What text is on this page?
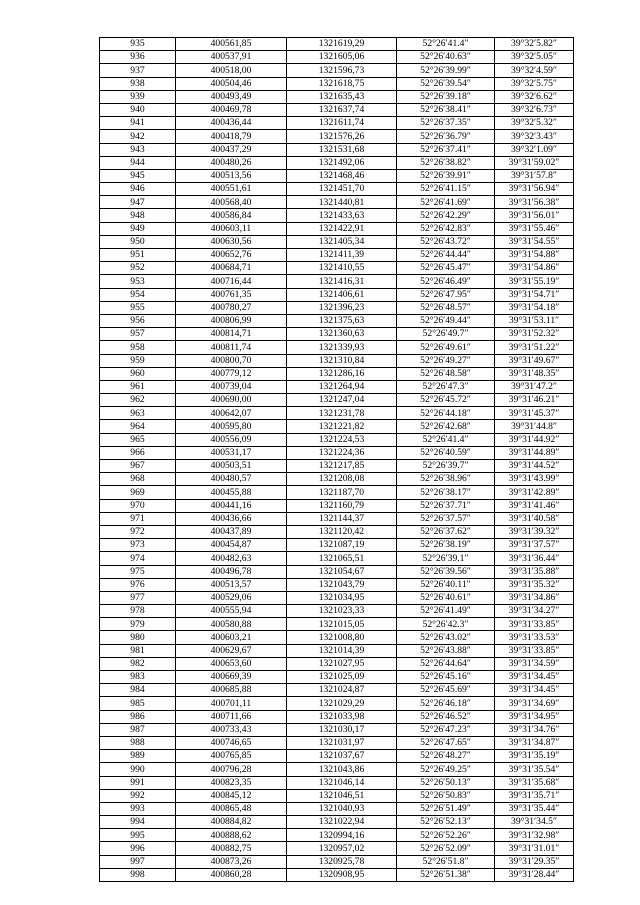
935	400561,85	1321619,29	52°26′41.4″	39°32′5.82″
936	400537,91	1321605,06	52°26′40.63″	39°32′5.05″
937	400518,00	1321596,73	52°26′39.99″	39°32′4.59″
938	400504,46	1321618,75	52°26′39.54″	39°32′5.75″
939	400493,49	1321635,43	52°26′39.18″	39°32′6.62″
940	400469,78	1321637,74	52°26′38.41″	39°32′6.73″
941	400436,44	1321611,74	52°26′37.35″	39°32′5.32″
942	400418,79	1321576,26	52°26′36.79″	39°32′3.43″
943	400437,29	1321531,68	52°26′37.41″	39°32′1.09″
944	400480,26	1321492,06	52°26′38.82″	39°31′59.02″
945	400513,56	1321468,46	52°26′39.91″	39°31′57.8″
946	400551,61	1321451,70	52°26′41.15″	39°31′56.94″
947	400568,40	1321440,81	52°26′41.69″	39°31′56.38″
948	400586,84	1321433,63	52°26′42.29″	39°31′56.01″
949	400603,11	1321422,91	52°26′42.83″	39°31′55.46″
950	400630,56	1321405,34	52°26′43.72″	39°31′54.55″
951	400652,76	1321411,39	52°26′44.44″	39°31′54.88″
952	400684,71	1321410,55	52°26′45.47″	39°31′54.86″
953	400716,44	1321416,31	52°26′46.49″	39°31′55.19″
954	400761,35	1321406,61	52°26′47.95″	39°31′54.71″
955	400780,27	1321396,23	52°26′48.57″	39°31′54.18″
956	400806,99	1321375,63	52°26′49.44″	39°31′53.11″
957	400814,71	1321360,63	52°26′49.7″	39°31′52.32″
958	400811,74	1321339,93	52°26′49.61″	39°31′51.22″
959	400800,70	1321310,84	52°26′49.27″	39°31′49.67″
960	400779,12	1321286,16	52°26′48.58″	39°31′48.35″
961	400739,04	1321264,94	52°26′47.3″	39°31′47.2″
962	400690,00	1321247,04	52°26′45.72″	39°31′46.21″
963	400642,07	1321231,78	52°26′44.18″	39°31′45.37″
964	400595,80	1321221,82	52°26′42.68″	39°31′44.8″
965	400556,09	1321224,53	52°26′41.4″	39°31′44.92″
966	400531,17	1321224,36	52°26′40.59″	39°31′44.89″
967	400503,51	1321217,85	52°26′39.7″	39°31′44.52″
968	400480,57	1321208,08	52°26′38.96″	39°31′43.99″
969	400455,88	1321187,70	52°26′38.17″	39°31′42.89″
970	400441,16	1321160,79	52°26′37.71″	39°31′41.46″
971	400436,66	1321144,37	52°26′37.57″	39°31′40.58″
972	400437,89	1321120,42	52°26′37.62″	39°31′39.32″
973	400454,87	1321087,19	52°26′38.19″	39°31′37.57″
974	400482,63	1321065,51	52°26′39.1″	39°31′36.44″
975	400496,78	1321054,67	52°26′39.56″	39°31′35.88″
976	400513,57	1321043,79	52°26′40.11″	39°31′35.32″
977	400529,06	1321034,95	52°26′40.61″	39°31′34.86″
978	400555,94	1321023,33	52°26′41.49″	39°31′34.27″
979	400580,88	1321015,05	52°26′42.3″	39°31′33.85″
980	400603,21	1321008,80	52°26′43.02″	39°31′33.53″
981	400629,67	1321014,39	52°26′43.88″	39°31′33.85″
982	400653,60	1321027,95	52°26′44.64″	39°31′34.59″
983	400669,39	1321025,09	52°26′45.16″	39°31′34.45″
984	400685,88	1321024,87	52°26′45.69″	39°31′34.45″
985	400701,11	1321029,29	52°26′46.18″	39°31′34.69″
986	400711,66	1321033,98	52°26′46.52″	39°31′34.95″
987	400733,43	1321030,17	52°26′47.23″	39°31′34.76″
988	400746,65	1321031,97	52°26′47.65″	39°31′34.87″
989	400765,85	1321037,67	52°26′48.27″	39°31′35.19″
990	400796,28	1321043,86	52°26′49.25″	39°31′35.54″
991	400823,35	1321046,14	52°26′50.13″	39°31′35.68″
992	400845,12	1321046,51	52°26′50.83″	39°31′35.71″
993	400865,48	1321040,93	52°26′51.49″	39°31′35.44″
994	400884,82	1321022,94	52°26′52.13″	39°31′34.5″
995	400888,62	1320994,16	52°26′52.26″	39°31′32.98″
996	400882,75	1320957,02	52°26′52.09″	39°31′31.01″
997	400873,26	1320925,78	52°26′51.8″	39°31′29.35″
998	400860,28	1320908,95	52°26′51.38″	39°31′28.44″
